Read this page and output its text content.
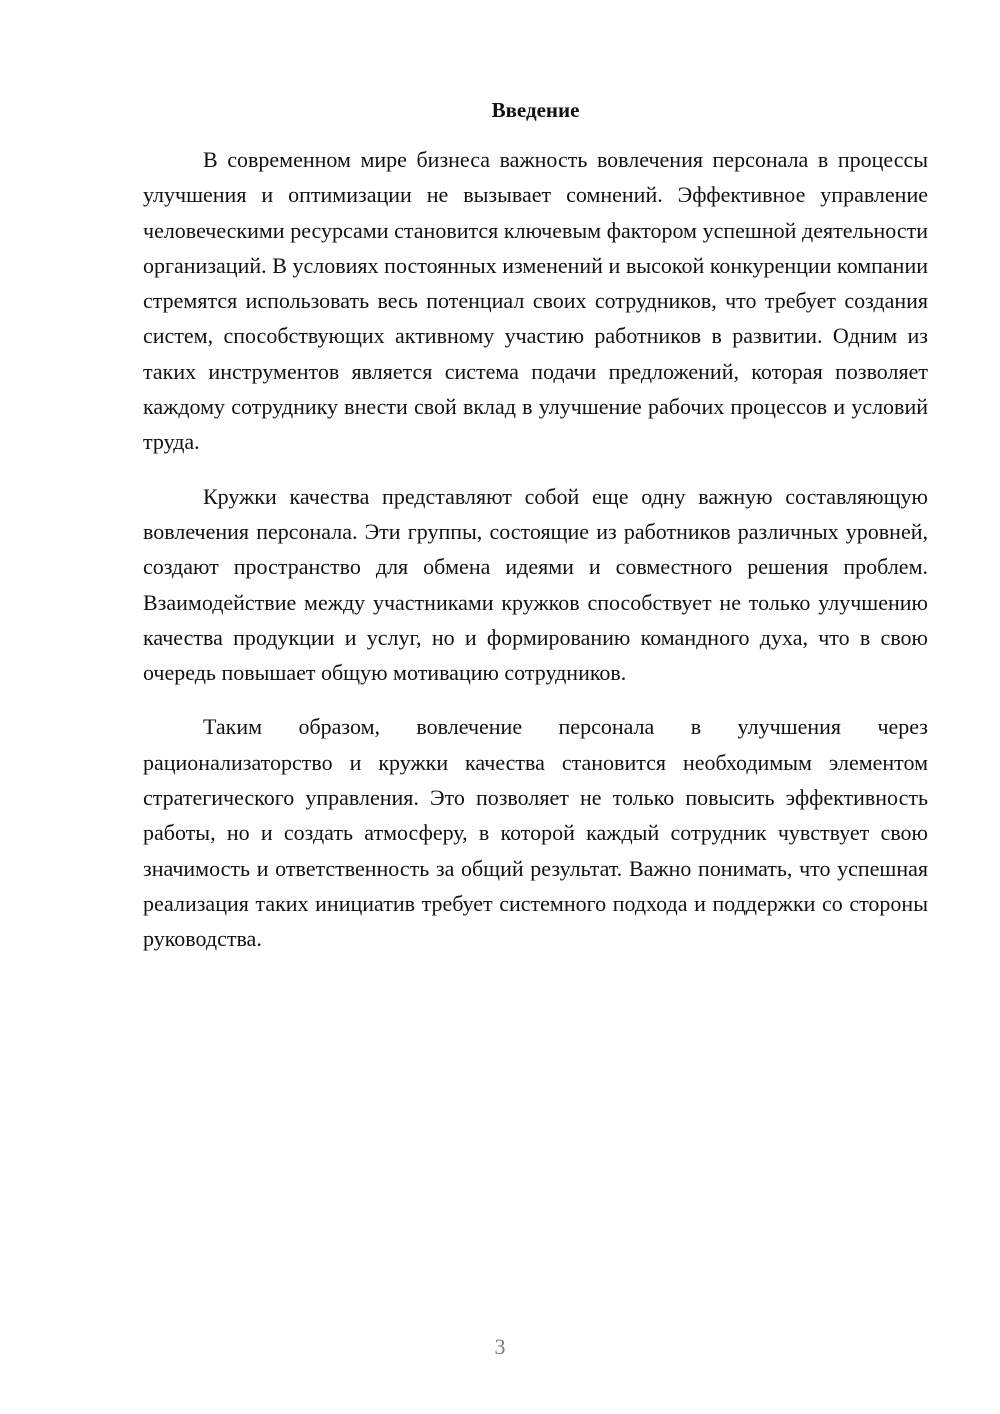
Введение

В современном мире бизнеса важность вовлечения персонала в процессы улучшения и оптимизации не вызывает сомнений. Эффективное управление человеческими ресурсами становится ключевым фактором успешной деятельности организаций. В условиях постоянных изменений и высокой конкуренции компании стремятся использовать весь потенциал своих сотрудников, что требует создания систем, способствующих активному участию работников в развитии. Одним из таких инструментов является система подачи предложений, которая позволяет каждому сотруднику внести свой вклад в улучшение рабочих процессов и условий труда.

Кружки качества представляют собой еще одну важную составляющую вовлечения персонала. Эти группы, состоящие из работников различных уровней, создают пространство для обмена идеями и совместного решения проблем. Взаимодействие между участниками кружков способствует не только улучшению качества продукции и услуг, но и формированию командного духа, что в свою очередь повышает общую мотивацию сотрудников.

Таким образом, вовлечение персонала в улучшения через рационализаторство и кружки качества становится необходимым элементом стратегического управления. Это позволяет не только повысить эффективность работы, но и создать атмосферу, в которой каждый сотрудник чувствует свою значимость и ответственность за общий результат. Важно понимать, что успешная реализация таких инициатив требует системного подхода и поддержки со стороны руководства.

3
